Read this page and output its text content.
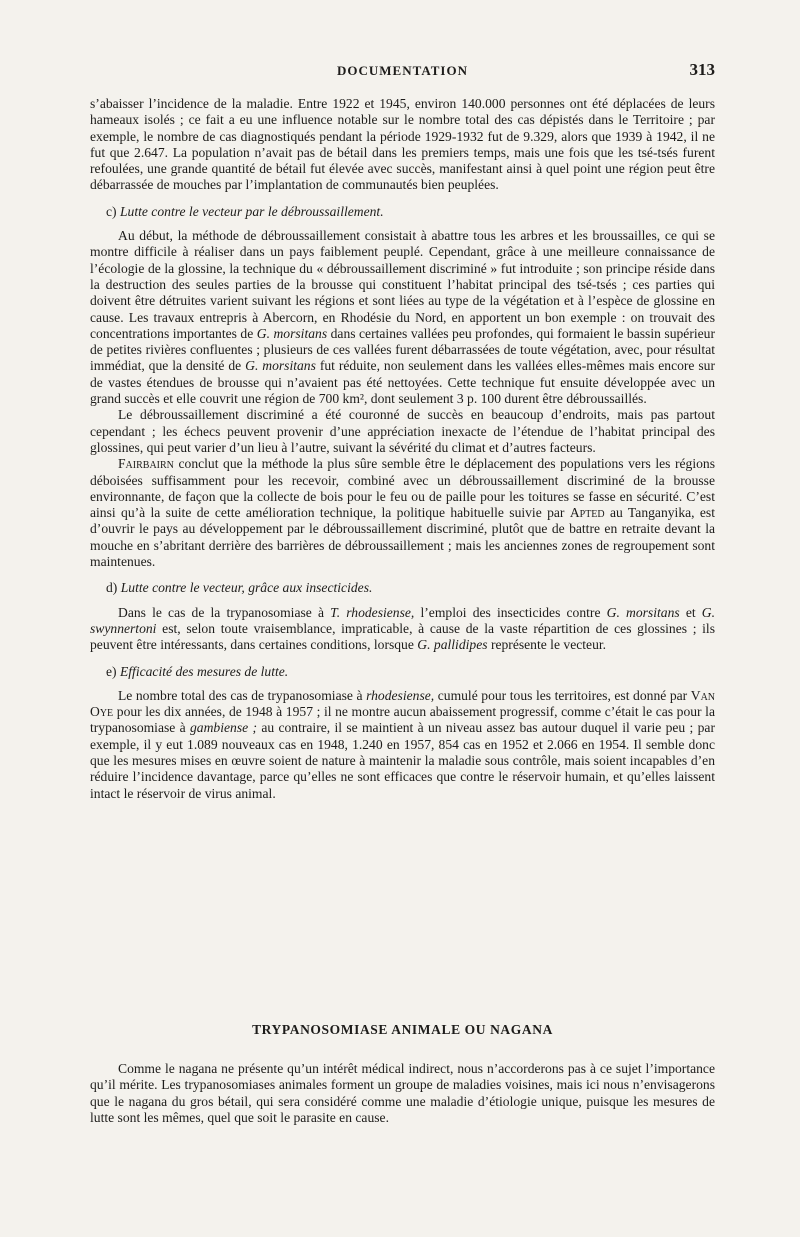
DOCUMENTATION	313

s’abaisser l’incidence de la maladie. Entre 1922 et 1945, environ 140.000 personnes ont été déplacées de leurs hameaux isolés ; ce fait a eu une influence notable sur le nombre total des cas dépistés dans le Territoire ; par exemple, le nombre de cas diagnostiqués pendant la période 1929-1932 fut de 9.329, alors que 1939 à 1942, il ne fut que 2.647. La population n’avait pas de bétail dans les premiers temps, mais une fois que les tsé-tsés furent refoulées, une grande quantité de bétail fut élevée avec succès, manifestant ainsi à quel point une région peut être débarrassée de mouches par l’implantation de communautés bien peuplées.

c) Lutte contre le vecteur par le débroussaillement.

Au début, la méthode de débroussaillement consistait à abattre tous les arbres et les broussailles, ce qui se montre difficile à réaliser dans un pays faiblement peuplé. Cependant, grâce à une meilleure connaissance de l’écologie de la glossine, la technique du « débroussaillement discriminé » fut introduite ; son principe réside dans la destruction des seules parties de la brousse qui constituent l’habitat principal des tsé-tsés ; ces parties qui doivent être détruites varient suivant les régions et sont liées au type de la végétation et à l’espèce de glossine en cause. Les travaux entrepris à Abercorn, en Rhodésie du Nord, en apportent un bon exemple : on trouvait des concentrations importantes de G. morsitans dans certaines vallées peu profondes, qui formaient le bassin supérieur de petites rivières confluentes ; plusieurs de ces vallées furent débarrassées de toute végétation, avec, pour résultat immédiat, que la densité de G. morsitans fut réduite, non seulement dans les vallées elles-mêmes mais encore sur de vastes étendues de brousse qui n’avaient pas été nettoyées. Cette technique fut ensuite développée avec un grand succès et elle couvrit une région de 700 km², dont seulement 3 p. 100 durent être débroussaillés.

Le débroussaillement discriminé a été couronné de succès en beaucoup d’endroits, mais pas partout cependant ; les échecs peuvent provenir d’une appréciation inexacte de l’étendue de l’habitat principal des glossines, qui peut varier d’un lieu à l’autre, suivant la sévérité du climat et d’autres facteurs.

Fairbairn conclut que la méthode la plus sûre semble être le déplacement des populations vers les régions déboisées suffisamment pour les recevoir, combiné avec un débroussaillement discriminé de la brousse environnante, de façon que la collecte de bois pour le feu ou de paille pour les toitures se fasse en sécurité. C’est ainsi qu’à la suite de cette amélioration technique, la politique habituelle suivie par Apted au Tanganyika, est d’ouvrir le pays au développement par le débroussaillement discriminé, plutôt que de battre en retraite devant la mouche en s’abritant derrière des barrières de débroussaillement ; mais les anciennes zones de regroupement sont maintenues.

d) Lutte contre le vecteur, grâce aux insecticides.

Dans le cas de la trypanosomiase à T. rhodesiense, l’emploi des insecticides contre G. morsitans et G. swynnertoni est, selon toute vraisemblance, impraticable, à cause de la vaste répartition de ces glossines ; ils peuvent être intéressants, dans certaines conditions, lorsque G. pallidipes représente le vecteur.

e) Efficacité des mesures de lutte.

Le nombre total des cas de trypanosomiase à rhodesiense, cumulé pour tous les territoires, est donné par Van Oye pour les dix années, de 1948 à 1957 ; il ne montre aucun abaissement progressif, comme c’était le cas pour la trypanosomiase à gambiense ; au contraire, il se maintient à un niveau assez bas autour duquel il varie peu ; par exemple, il y eut 1.089 nouveaux cas en 1948, 1.240 en 1957, 854 cas en 1952 et 2.066 en 1954. Il semble donc que les mesures mises en œuvre soient de nature à maintenir la maladie sous contrôle, mais soient incapables d’en réduire l’incidence davantage, parce qu’elles ne sont efficaces que contre le réservoir humain, et qu’elles laissent intact le réservoir de virus animal.

TRYPANOSOMIASE ANIMALE OU NAGANA

Comme le nagana ne présente qu’un intérêt médical indirect, nous n’accorderons pas à ce sujet l’importance qu’il mérite. Les trypanosomiases animales forment un groupe de maladies voisines, mais ici nous n’envisagerons que le nagana du gros bétail, qui sera considéré comme une maladie d’étiologie unique, puisque les mesures de lutte sont les mêmes, quel que soit le parasite en cause.
